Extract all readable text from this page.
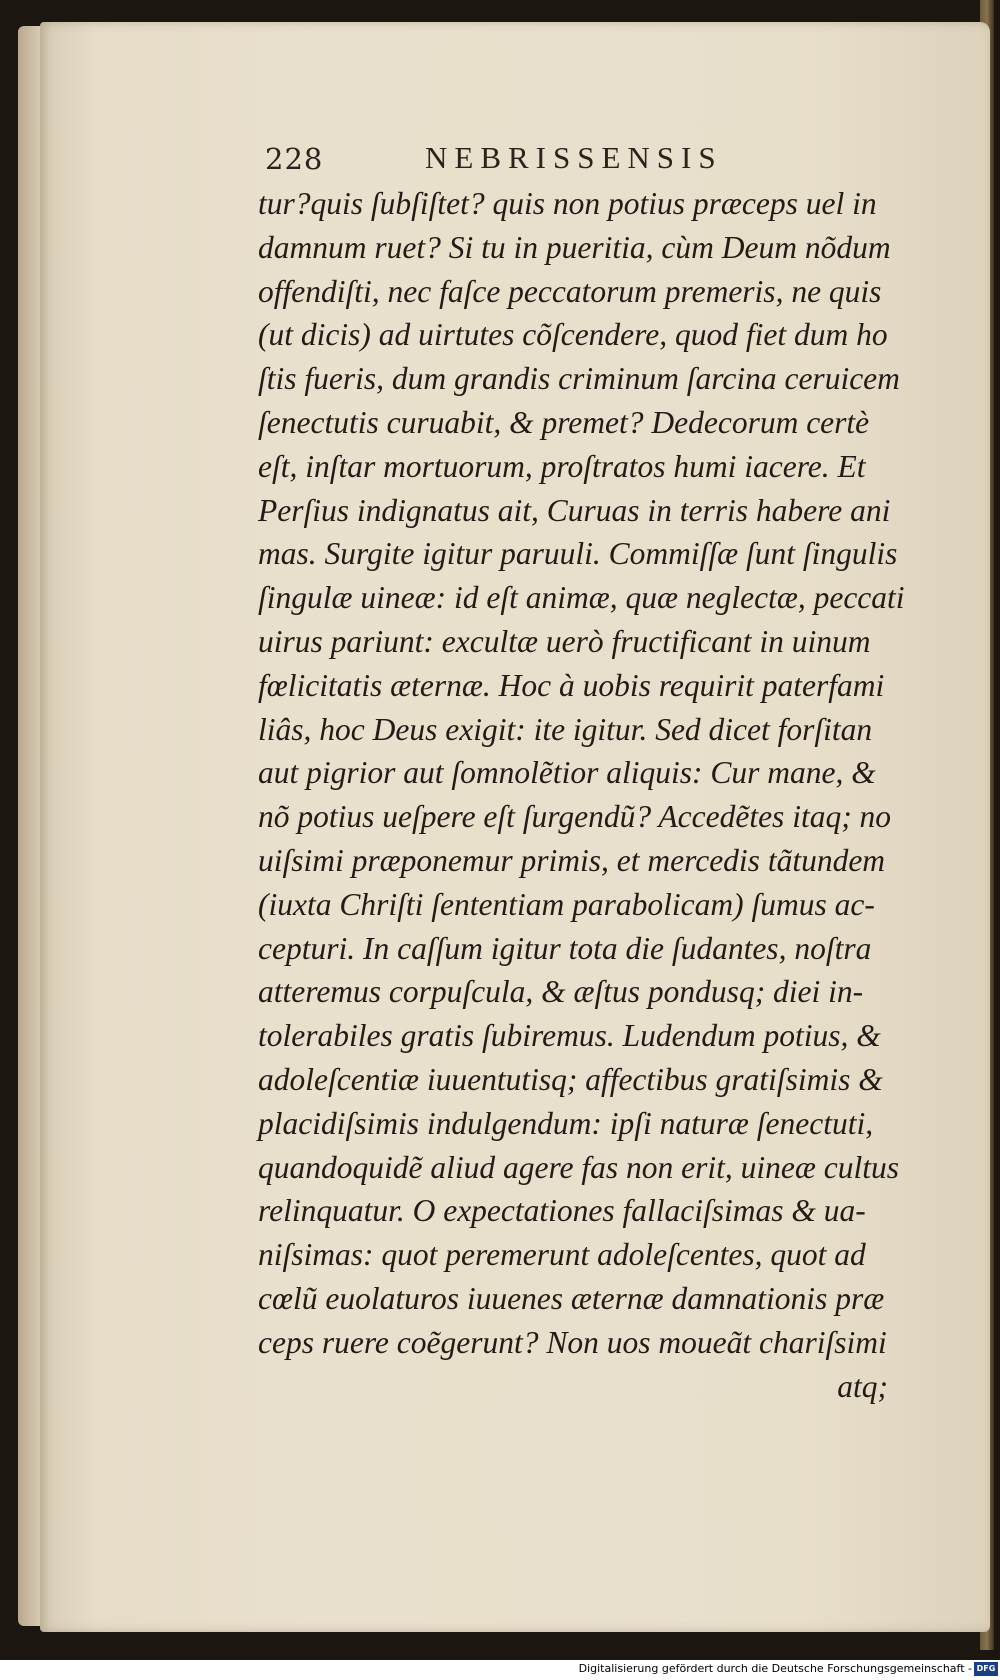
228	NEBRISSENSIS
tur?quis ſubſiſtet? quis non potius præceps uel in
damnum ruet? Si tu in pueritia, cùm Deum nõdum
offendiſti, nec faſce peccatorum premeris, ne quis
(ut dicis) ad uirtutes cõſcendere, quod fiet dum ho
ſtis fueris, dum grandis criminum ſarcina ceruicem
ſenectutis curuabit, & premet? Dedecorum certè
eſt, inſtar mortuorum, proſtratos humi iacere. Et
Perſius indignatus ait, Curuas in terris habere ani
mas. Surgite igitur paruuli. Commiſſæ ſunt ſingulis
ſingulæ uineæ: id eſt animæ, quæ neglectæ, peccati
uirus pariunt: excultæ uerò fructificant in uinum
fœlicitatis æternæ. Hoc à uobis requirit paterfami
liâs, hoc Deus exigit: ite igitur. Sed dicet forſitan
aut pigrior aut ſomnolẽtior aliquis: Cur mane, &
nõ potius ueſpere eſt ſurgendũ? Accedẽtes itaq; no
uiſsimi præponemur primis, et mercedis tãtundem
(iuxta Chriſti ſententiam parabolicam) ſumus ac-
cepturi. In caſſum igitur tota die ſudantes, noſtra
atteremus corpuſcula, & æſtus pondusq; diei in-
tolerabiles gratis ſubiremus. Ludendum potius, &
adoleſcentiæ iuuentutisq; affectibus gratiſsimis &
placidiſsimis indulgendum: ipſi naturæ ſenectuti,
quandoquidẽ aliud agere fas non erit, uineæ cultus
relinquatur. O expectationes fallaciſsimas & ua-
niſsimas: quot peremerunt adoleſcentes, quot ad
cœlũ euolaturos iuuenes æternæ damnationis præ
ceps ruere coẽgerunt? Non uos moueãt chariſsimi
atq;
Digitalisierung gefördert durch die Deutsche Forschungsgemeinschaft - DFG
